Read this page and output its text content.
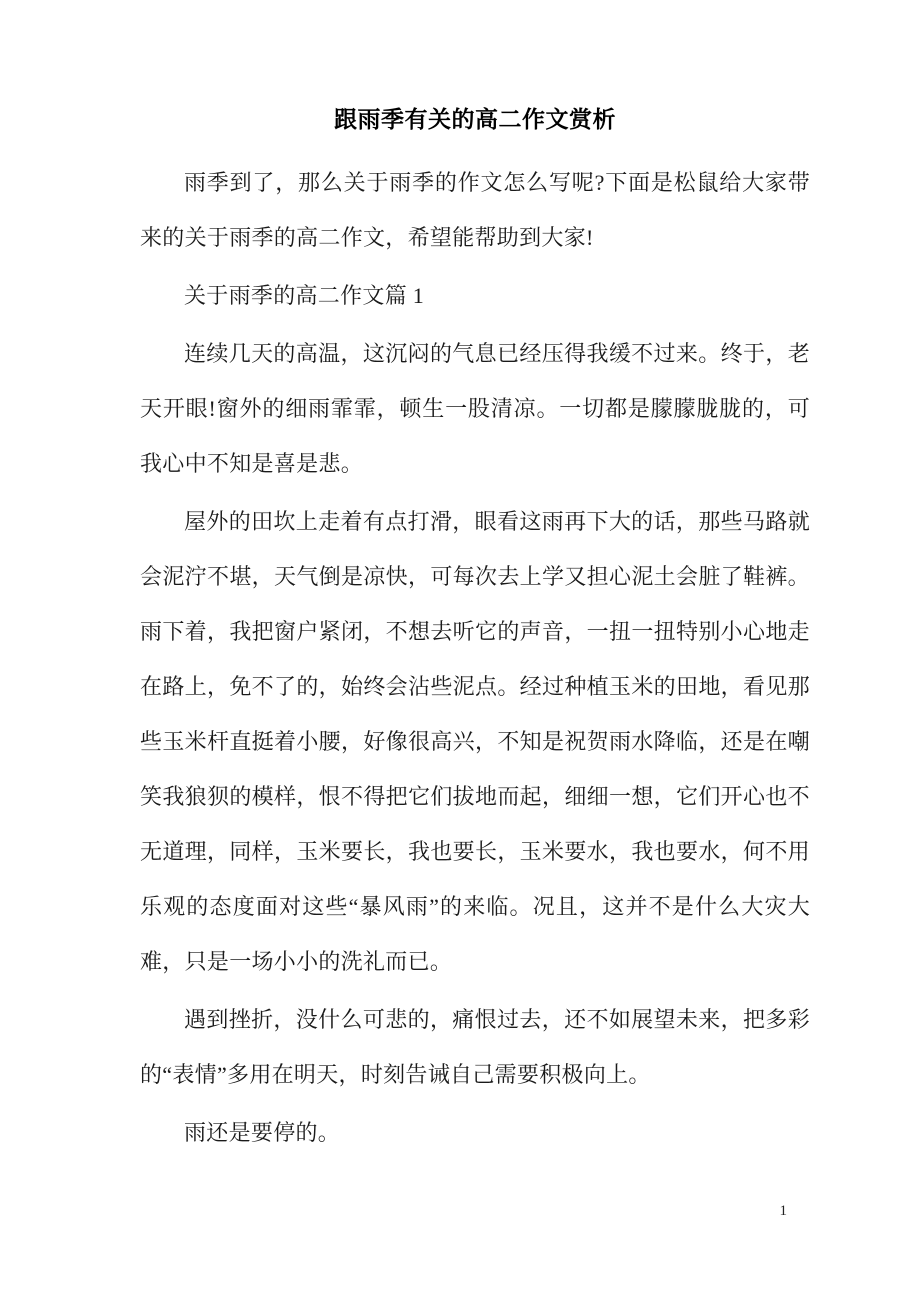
跟雨季有关的高二作文赏析

雨季到了，那么关于雨季的作文怎么写呢?下面是松鼠给大家带来的关于雨季的高二作文，希望能帮助到大家!

关于雨季的高二作文篇 1

连续几天的高温，这沉闷的气息已经压得我缓不过来。终于，老天开眼!窗外的细雨霏霏，顿生一股清凉。一切都是朦朦胧胧的，可我心中不知是喜是悲。

屋外的田坎上走着有点打滑，眼看这雨再下大的话，那些马路就会泥泞不堪，天气倒是凉快，可每次去上学又担心泥土会脏了鞋裤。雨下着，我把窗户紧闭，不想去听它的声音，一扭一扭特别小心地走在路上，免不了的，始终会沾些泥点。经过种植玉米的田地，看见那些玉米杆直挺着小腰，好像很高兴，不知是祝贺雨水降临，还是在嘲笑我狼狈的模样，恨不得把它们拔地而起，细细一想，它们开心也不无道理，同样，玉米要长，我也要长，玉米要水，我也要水，何不用乐观的态度面对这些“暴风雨”的来临。况且，这并不是什么大灾大难，只是一场小小的洗礼而已。

遇到挫折，没什么可悲的，痛恨过去，还不如展望未来，把多彩的“表情”多用在明天，时刻告诫自己需要积极向上。

雨还是要停的。

1
